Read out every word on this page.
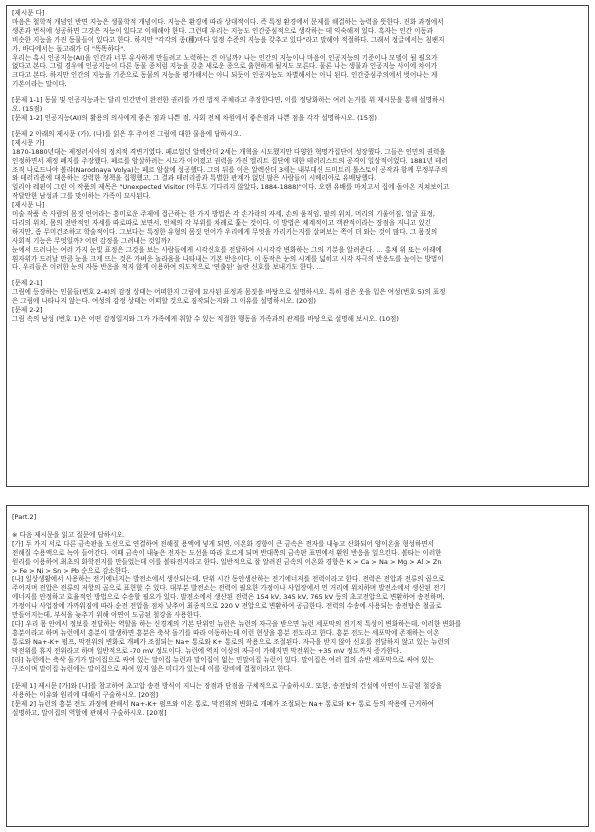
[제시문 다]
마음은 철학적 개념인 반면 지능은 생물학적 개념이다. 지능은 환경에 따라 상대적이다. 즉 특정 환경에서 문제를 해결하는 능력을 뜻한다. 진화 과정에서
생존과 번식에 성공하면 그것은 지능이 있다고 이해해야 한다. 그런데 우리는 지능도 인간중심적으로 생각하는 데 익숙해져 있다. 흑자는 인간 이동과
비슷한 지능을 가진 동물들이 있다고 한다. 하지만 "각각의 종(種)마다 일정 수준의 지능을 갖추고 있다"라고 말해야 적절하다. 그래서 정글에서는 침팬지
가, 바다에서는 돌고래가 더 "똑똑하다".
우리는 혹시 인공지능(AI)을 인간과 너무 유사하게 만들려고 노력하는 건 아닐까? 나는 인간의 지능이나 마음이 인공지능의 기준이나 모델이 될 필요가
없다고 본다. 그럴 경우에 인공지능이 다른 동물 종처럼 지능을 갖춘 새로운 종으로 출현하게 될지도 모른다. 물론 나는 생물과 인공지능 사이에 차이가
크다고 본다. 하지만 인간의 지능을 기준으로 동물의 지능을 평가해서는 아니 되듯이 인공지능도 차별해서는 아니 된다. 인간중심주의에서 벗어나는 게
기본이라는 말이다.
[문제 1-1] 동물 및 인공지능과는 달리 인간만이 완전한 권리를 가진 법적 주체라고 주장한다면, 이를 정당화하는 여러 논거를 위 제시문을 통해 설명하시
오. (15점)
[문제 1-2] 인공지능(AI)의 활용의 의사에게 좋은 점과 나쁜 점, 사회 전체 차원에서 좋은점과 나쁜 점을 각각 설명하시오. (15점)
[문제 2 아래의 제시문 (가), (나)를 읽은 후 주어진 그림에 대한 물음에 답하시오.
[제시문 가]
1870-1880년대는 제정러시아의 정치적 격변기였다. 페르얼던 알렉산더 2세는 개혁을 시도했지만 다양한 혁명가집단이 성장했다. 그들은 인민의 권력을
인정하면서 제정 폐지를 주장했다. 페르를 암살하려는 시도가 이어졌고 권력을 가진 엘리트 집단에 대한 테러리스트의 공격이 일상적이었다. 1881년 테러
조직 나로드나야 볼랴(Narodnaya Volya)는 페르 암살에 성공했다. 그의 뒤를 이은 알렉산더 3세는 내부대신 드미트리 톨스토이 공작과 함께 무정부주의
와 테러리즘에 대응하는 강력한 정책을 집행했고, 그 결과 테러리즘과 특별한 관계가 없던 많은 사람들이 시베리아로 유배당했다.
일리야 레핀이 그린 이 작품의 제목은 "Unexpected Visitor (아무도 기다리지 않았다, 1884-1888)"이다. 오랜 유배를 마치고서 집에 돌아온 지쳐보이고
작달만한 남성과 그를 맞이하는 가족이 묘사된다.
[제시문 나]
미술 작품 속 사람의 몸짓 언어라는 흥미로운 주제에 접근하는 한 가지 방법은 각 손가락의 자세, 손의 움직임, 팔의 위치, 머리의 기울어짐, 얼굴 표정,
다리의 위치, 몸의 전반적인 자세를 따로따로 보면서, 인체의 각 부위를 차례로 훑는 것이다. 이 방법은 체계적이고 객관적이라는 장점을 지니고 있긴
하지만, 좀 무미건조하고 학술적이다. 그보다는 특정한 유형의 몸짓 언어가 우리에게 무엇을 가리키는지를 살펴보는 쪽이 더 와는 것이 많다. 그 몸짓의
사회적 기능은 무엇일까? 어떤 감정을 그려내는 것일까?
눈에서 드러나는 여러 가지 눈빛 표정은 그것을 보는 사람들에게 시각신호를 전달하여 시시각각 변화하는 그의 기분을 알려준다. … 홍채 위 또는 아래에
흰자위가 드러날 만큼 눈을 크게 뜨는 것은 가벼운 놀라움을 나타내는 기본 반응이다. 이 동작은 눈의 시계를 넓히고 시각 자극의 반응도를 높이는 방법이
다. 우리들은 이러한 눈의 자동 반응을 적지 않게 이용하여 의도적으로 '연출된' 놀란 신호를 보내기도 한다. …
[문제 2-1]
그림에 등장하는 인물들(번호 2-4)의 감정 상태는 어떠한지 그림에 묘사된 표정과 몸짓을 바탕으로 설명하시오. 특히 검은 옷을 입은 여성(번호 5)의 표정
은 그림에 나타나지 않는다. 여성의 감정 상태는 어떠할 것으로 짐작되는지와 그 이유를 설명하시오. (20점)
[문제 2-2]
그림 속의 남성 (번호 1)은 어떤 감정일지와 그가 가족에게 취할 수 있는 적절한 행동을 가족과의 관계를 바탕으로 설명해 보시오. (10점)
[Part.2]
※ 다음 제시문을 읽고 질문에 답하시오.
[가] 두 가지 서로 다른 금속판을 도선으로 연결하여 전해질 용액에 넣게 되면, 이온화 경향이 큰 금속은 전자를 내놓고 산화되어 양이온을 형성하면서
전해질 수용액으로 녹아 들어간다. 이때 금속이 내놓은 전자는 도선을 따라 흐르게 되며 반대쪽의 금속판 표면에서 환원 반응을 일으킨다. 볼타는 이러한
원리를 이용하여 최초의 화학전지를 만들었는데 이를 볼타전지라고 한다. 일반적으로 잘 알려진 금속의 이온화 경향은 K > Ca > Na > Mg > Al > Zn
> Fe > Ni > Sn > Pb 순으로 감소한다.
[나] 일상생활에서 사용하는 전기에너지는 발전소에서 생산되는데, 단위 시간 동안생산하는 전기에너지를 전력이라고 한다. 전력은 전압과 전류의 곱으로
주어지며 전압은 전류의 저항의 곱으로 표현할 수 있다. 대부분 발전소는 전력이 필요한 가정이나 사업장에서 먼 거리에 위치하며 발전소에서 생산된 전기
에너지를 안정하고 효율적인 방법으로 수송할 필요가 있다. 발전소에서 생산된 전력은 154 kV, 345 kV, 765 kV 등의 초고전압으로 변환하여 송전하며,
가정이나 사업장에 가까워짐에 따라 순전 전압을 점차 낮추어 최종적으로 220 V 전압으로 변환하여 공급한다. 전력의 수송에 사용되는 송전탑은 철골로
만들어지는데, 부식을 늦추기 위해 아연이 도금된 철강을 사용한다.
[다] 우리 몸 안에서 정보를 전달하는 역할을 하는 신경계의 기본 단위인 뉴런은 뉴런의 자극을 받으면 뉴런 세포막의 전기적 특성이 변화하는데, 이러한 변화를
흥분이라고 하며 뉴런에서 흥분이 발생하면 흥분은 축삭 돌기를 따라 이동하는데 이런 현상을 흥분 전도라고 한다. 흥분 전도는 세포막에 존재하는 이온
통로와 Na+-K+ 펌프, 막전위의 변화로 개폐가 조절되는 Na+ 통로와 K+ 통로의 작용으로 조절된다. 자극을 받지 않아 신호를 전달하지 않고 있는 뉴런의
막전위를 휴지 전위라고 하며 일반적으로 -70 mV 정도이다. 뉴런에 역치 이상의 자극이 가해지면 막전위는 +35 mV 정도까지 증가한다.
[라] 뉴런에는 축삭 돌기가 말이집으로 싸여 있는 말이집 뉴런과 말이집이 없는 민말이집 뉴런이 있다. 말이집은 여러 겹의 슈반 세포막으로 싸여 있는
구조이며 말이집 뉴런에는 말이집으로 싸여 있지 않은 미디가 있는데 이를 랑비에 결절이라고 한다.
[문제 1] 제시문 [가]와 [나]를 참고하여 초고압 송전 방식이 지니는 장점과 단점을 구체적으로 구술하시오. 또한, 송전탑의 건설에 아연이 도금된 철강을
사용하는 이유와 원리에 대해서 구술하시오. [20점]
[문제 2] 뉴런의 흥분 전도 과정에 관해서 Na+-K+ 펌프와 이온 통로, 막전위의 변화로 개폐가 조절되는 Na+ 통로와 K+ 통로 등의 작용에 근거하여
설명하고, 말이집의 역할에 관해서 구술하시오. [20점]
